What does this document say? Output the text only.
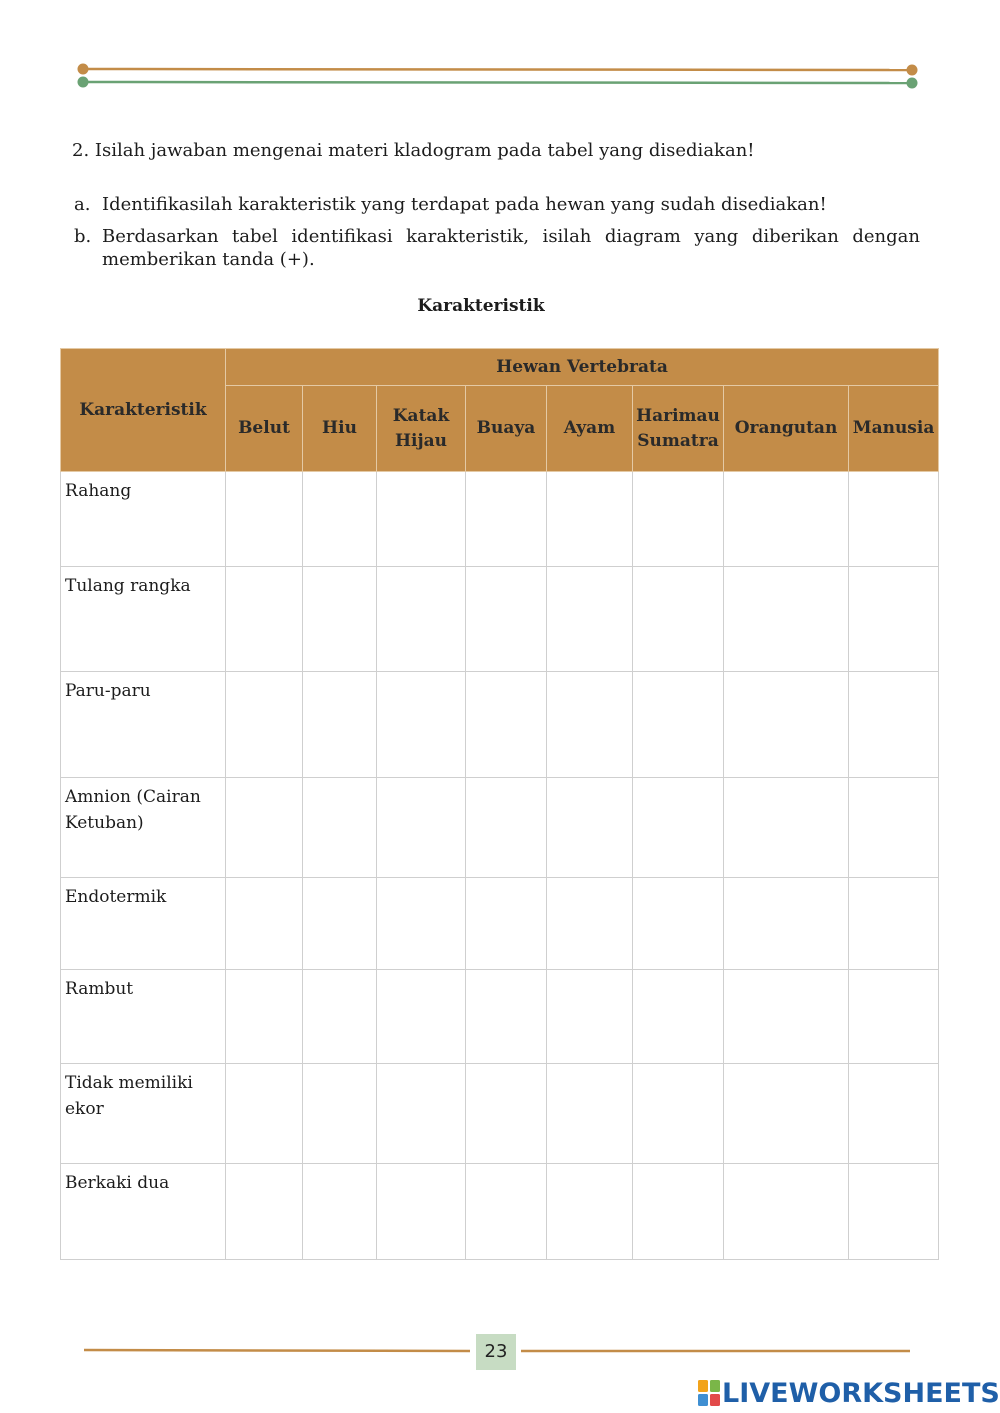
2. Isilah jawaban mengenai materi kladogram pada tabel yang disediakan!
a. Identifikasilah karakteristik yang terdapat pada hewan yang sudah disediakan!
b. Berdasarkan tabel identifikasi karakteristik, isilah diagram yang diberikan dengan memberikan tanda (+).
Karakteristik
Karakteristik	Hewan Vertebrata							
	Belut	Hiu	Katak Hijau	Buaya	Ayam	Harimau Sumatra	Orangutan	Manusia
Rahang								
Tulang rangka								
Paru-paru								
Amnion (Cairan Ketuban)								
Endotermik								
Rambut								
Tidak memiliki ekor								
Berkaki dua								
23
LIVEWORKSHEETS
